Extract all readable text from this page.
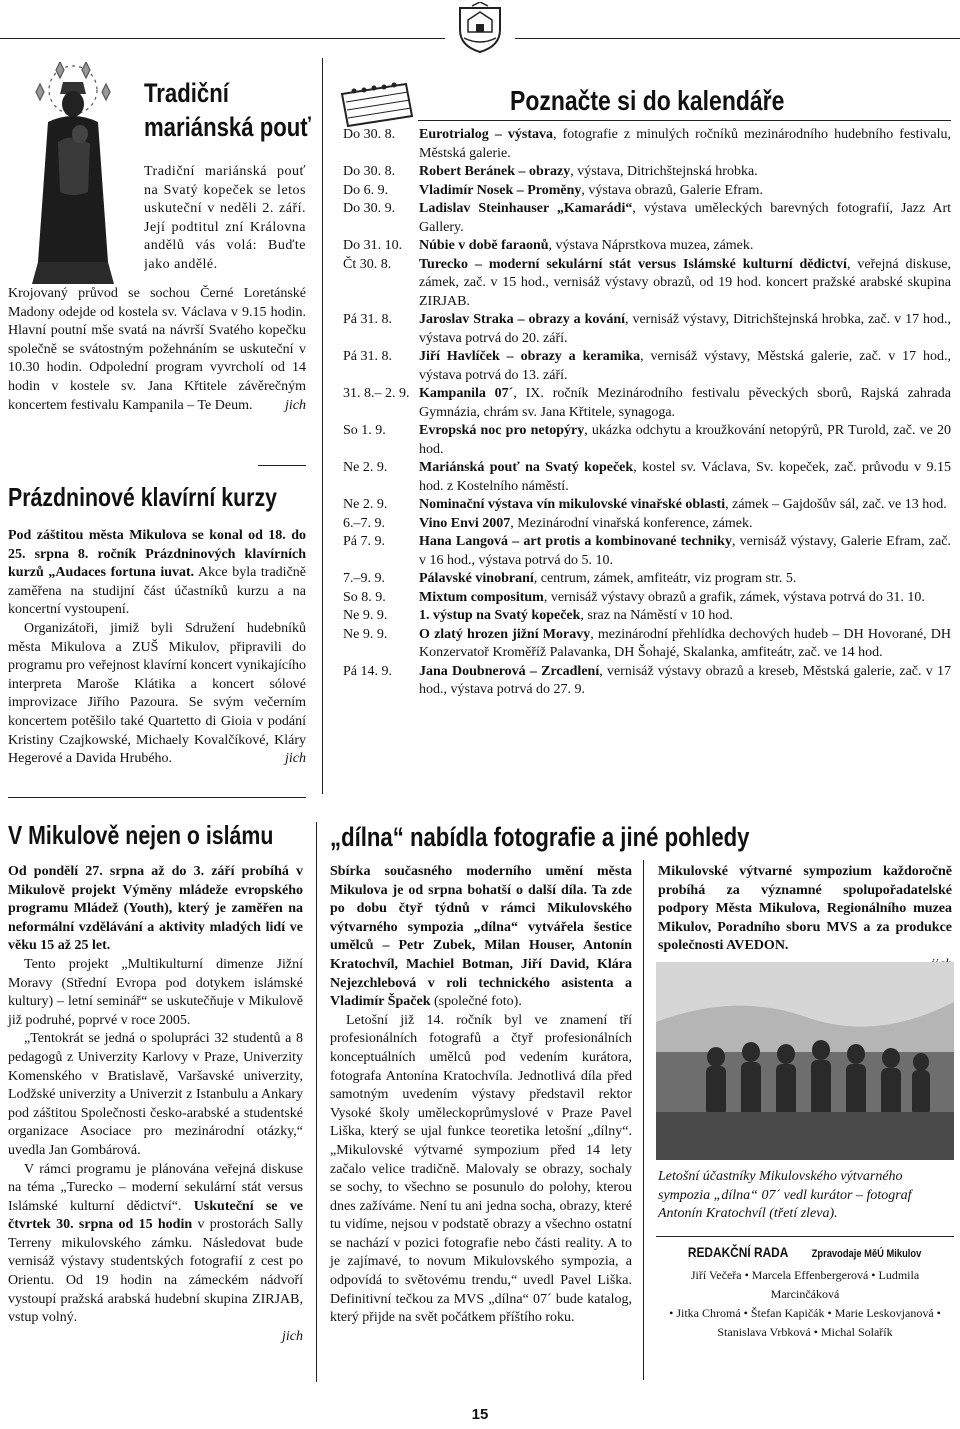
Tradiční
mariánská pouť
Tradiční mariánská pouť na Svatý kopeček se letos uskuteční v neděli 2. září. Její podtitul zní Královna andělů vás volá: Buďte jako andělé.
Krojovaný průvod se sochou Černé Loretánské Madony odejde od kostela sv. Václava v 9.15 hodin. Hlavní poutní mše svatá na návrší Svatého kopečku společně se svátostným požehnáním se uskuteční v 10.30 hodin. Odpolední program vyvrcholí od 14 hodin v kostele sv. Jana Křtitele závěrečným koncertem festivalu Kampanila – Te Deum. jich
Prázdninové klavírní kurzy

Pod záštitou města Mikulova se konal od 18. do 25. srpna 8. ročník Prázdninových klavírních kurzů „Audaces fortuna iuvat. Akce byla tradičně zaměřena na studijní část účastníků kurzu a na koncertní vystoupení.

Organizátoři, jimiž byli Sdružení hudebníků města Mikulova a ZUŠ Mikulov, připravili do programu pro veřejnost klavírní koncert vynikajícího interpreta Maroše Klátika a koncert sólové improvizace Jiřího Pazoura. Se svým večerním koncertem potěšilo také Quartetto di Gioia v podání Kristiny Czajkowské, Michaely Kovalčíkové, Kláry Hegerové a Davida Hrubého.	jich

Poznačte si do kalendáře
Do 30. 8.	Eurotrialog – výstava, fotografie z minulých ročníků mezinárodního hudebního festivalu, Městská galerie.
Do 30. 8.	Robert Beránek – obrazy, výstava, Ditrichštejnská hrobka.
Do 6. 9.	Vladimír Nosek – Proměny, výstava obrazů, Galerie Efram.
Do 30. 9.	Ladislav Steinhauser „Kamarádi“, výstava uměleckých barevných fotografií, Jazz Art Gallery.
Do 31. 10.	Núbie v době faraonů, výstava Náprstkova muzea, zámek.
Čt 30. 8.	Turecko – moderní sekulární stát versus Islámské kulturní dědictví, veřejná diskuse, zámek, zač. v 15 hod., vernisáž výstavy obrazů, od 19 hod. koncert pražské arabské skupina ZIRJAB.
Pá 31. 8.	Jaroslav Straka – obrazy a kování, vernisáž výstavy, Ditrichštejnská hrobka, zač. v 17 hod., výstava potrvá do 20. září.
Pá 31. 8.	Jiří Havlíček – obrazy a keramika, vernisáž výstavy, Městská galerie, zač. v 17 hod., výstava potrvá do 13. září.
31. 8.– 2. 9. Kampanila 07´, IX. ročník Mezinárodního festivalu pěveckých sborů, Rajská zahrada Gymnázia, chrám sv. Jana Křtitele, synagoga.
So 1. 9.	Evropská noc pro netopýry, ukázka odchytu a kroužkování netopýrů, PR Turold, zač. ve 20 hod.
Ne 2. 9.	Mariánská pouť na Svatý kopeček, kostel sv. Václava, Sv. kopeček, zač. průvodu v 9.15 hod. z Kostelního náměstí.
Ne 2. 9.	Nominační výstava vín mikulovské vinařské oblasti, zámek – Gajdošův sál, zač. ve 13 hod.
6.–7. 9.	Vino Envi 2007, Mezinárodní vinařská konference, zámek.
Pá 7. 9.	Hana Langová – art protis a kombinované techniky, vernisáž výstavy, Galerie Efram, zač. v 16 hod., výstava potrvá do 5. 10.
7.–9. 9.	Pálavské vinobraní, centrum, zámek, amfiteátr, viz program str. 5.
So 8. 9.	Mixtum compositum, vernisáž výstavy obrazů a grafik, zámek, výstava potrvá do 31. 10.
Ne 9. 9.	1. výstup na Svatý kopeček, sraz na Náměstí v 10 hod.
Ne 9. 9.	O zlatý hrozen jižní Moravy, mezinárodní přehlídka dechových hudeb – DH Hovorané, DH Konzervatoř Kroměříž Palavanka, DH Šohajé, Skalanka, amfiteátr, zač. ve 14 hod.
Pá 14. 9.	Jana Doubnerová – Zrcadlení, vernisáž výstavy obrazů a kreseb, Městská galerie, zač. v 17 hod., výstava potrvá do 27. 9.
V Mikulově nejen o islámu

Od pondělí 27. srpna až do 3. září probíhá v Mikulově projekt Výměny mládeže evropského programu Mládež (Youth), který je zaměřen na neformální vzdělávání a aktivity mladých lidí ve věku 15 až 25 let.

Tento projekt „Multikulturní dimenze Jižní Moravy (Střední Evropa pod dotykem islámské kultury) – letní seminář“ se uskutečňuje v Mikulově již podruhé, poprvé v roce 2005.

„Tentokrát se jedná o spolupráci 32 studentů a 8 pedagogů z Univerzity Karlovy v Praze, Univerzity Komenského v Bratislavě, Varšavské univerzity, Lodžské univerzity a Univerzit z Istanbulu a Ankary pod záštitou Společnosti česko-arabské a studentské organizace Asociace pro mezinárodní otázky,“ uvedla Jan Gombárová.

V rámci programu je plánována veřejná diskuse na téma „Turecko – moderní sekulární stát versus Islámské kulturní dědictví“. Uskuteční se ve čtvrtek 30. srpna od 15 hodin v prostorách Sally Terreny mikulovského zámku. Následovat bude vernisáž výstavy studentských fotografií z cest po Orientu. Od 19 hodin na zámeckém nádvoří vystoupí pražská arabská hudební skupina ZIRJAB, vstup volný.

jich

„dílna“ nabídla fotografie a jiné pohledy

Sbírka současného moderního umění města Mikulova je od srpna bohatší o další díla. Ta zde po dobu čtyř týdnů v rámci Mikulovského výtvarného sympozia „dílna“ vytvářela šestice umělců – Petr Zubek, Milan Houser, Antonín Kratochvíl, Machiel Botman, Jiří David, Klára Nejezchlebová v roli technického asistenta a Vladimír Špaček (společné foto).

Letošní již 14. ročník byl ve znamení tří profesionálních fotografů a čtyř profesionálních konceptuálních umělců pod vedením kurátora, fotografa Antonína Kratochvíla. Jednotlivá díla před samotným uvedením výstavy představil rektor Vysoké školy uměleckoprůmyslové v Praze Pavel Liška, který se ujal funkce teoretika letošní „dílny“. „Mikulovské výtvarné sympozium před 14 lety začalo velice tradičně. Malovaly se obrazy, sochaly se sochy, to všechno se posunulo do polohy, kterou dnes zažíváme. Není tu ani jedna socha, obrazy, které tu vidíme, nejsou v podstatě obrazy a všechno ostatní se nachází v pozici fotografie nebo části reality. A to je zajímavé, to novum Mikulovského sympozia, a odpovídá to světovému trendu,“ uvedl Pavel Liška. Definitivní tečkou za MVS „dílna“ 07´ bude katalog, který přijde na svět počátkem příštího roku.

Mikulovské výtvarné sympozium každoročně probíhá za významné spolupořadatelské podpory Města Mikulova, Regionálního muzea Mikulov, Poradního sboru MVS a za produkce společnosti AVEDON.

Letošní účastníky Mikulovského výtvarného sympozia „dílna“ 07´ vedl kurátor – fotograf Antonín Kratochvíl (třetí zleva).
REDAKČNÍ RADA Zpravodaje MěÚ Mikulov
Jiří Večeřa • Marcela Effenbergerová • Ludmila Marcinčáková
• Jitka Chromá • Štefan Kapičák • Marie Leskovjanová •
Stanislava Vrbková • Michal Solařík
15
